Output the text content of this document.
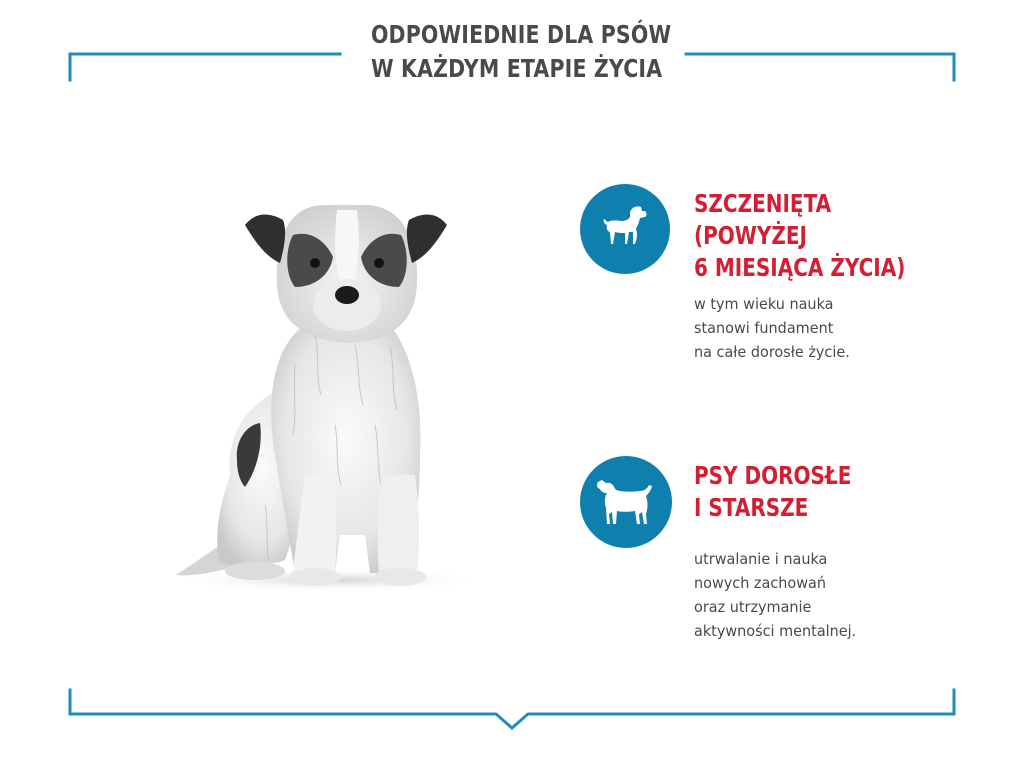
ODPOWIEDNIE DLA PSÓW
W KAŻDYM ETAPIE ŻYCIA
SZCZENIĘTA
(POWYŻEJ
6 MIESIĄCA ŻYCIA)
w tym wieku nauka
stanowi fundament
na całe dorosłe życie.
PSY DOROSŁE
I STARSZE
utrwalanie i nauka
nowych zachowań
oraz utrzymanie
aktywności mentalnej.
